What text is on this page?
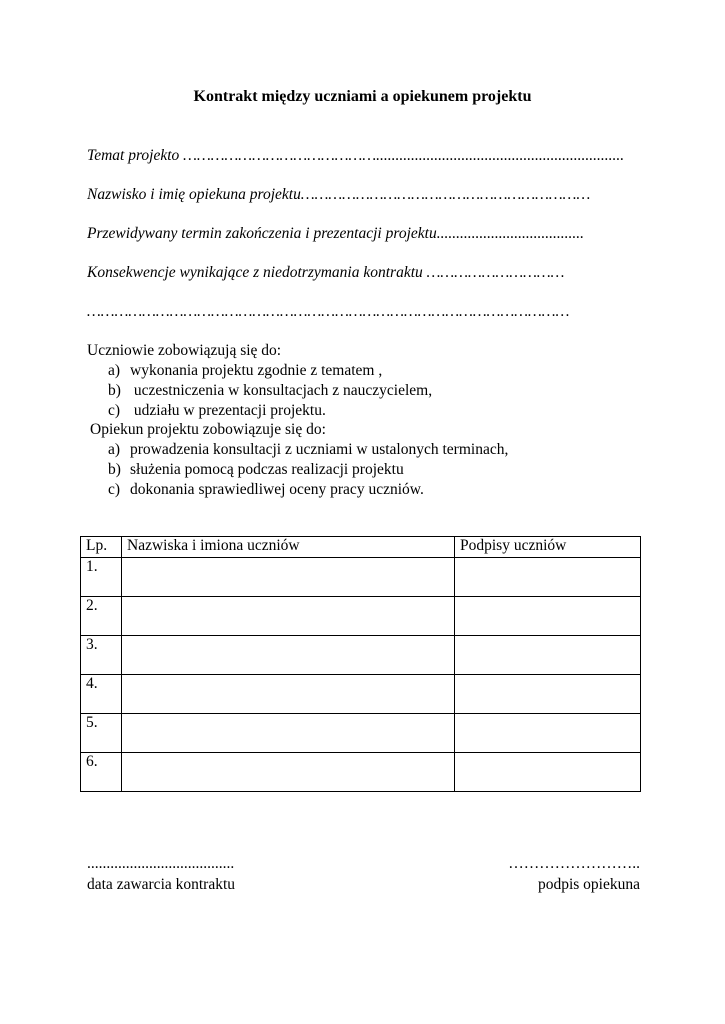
Kontrakt między uczniami a opiekunem projektu
Temat projekto ……………………………………................................................................
Nazwisko i imię opiekuna projektu………………………………………………………
Przewidywany termin zakończenia i prezentacji projektu......................................
Konsekwencje wynikające z niedotrzymania kontraktu …………………………
……………………………………………………………………………………………
Uczniowie zobowiązują się do:
a) wykonania projektu zgodnie z tematem ,
b) uczestniczenia w konsultacjach z nauczycielem,
c) udziału w prezentacji projektu.
Opiekun projektu zobowiązuje się do:
a) prowadzenia konsultacji z uczniami w ustalonych terminach,
b) służenia pomocą podczas realizacji projektu
c) dokonania sprawiedliwej oceny pracy uczniów.
Lp.	Nazwiska i imiona uczniów	Podpisy uczniów
1.		
2.		
3.		
4.		
5.		
6.		
......................................
data zawarcia kontraktu
……………………..
podpis opiekuna
